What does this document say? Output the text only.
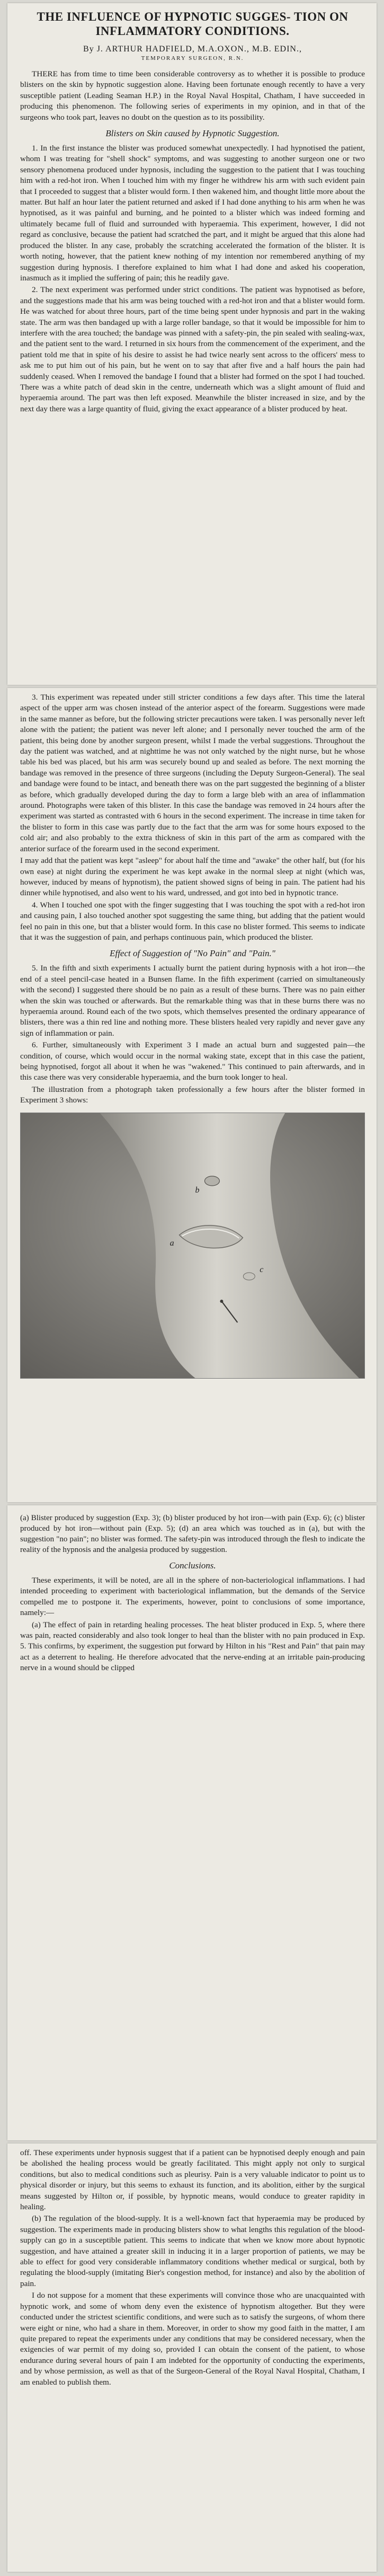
THE INFLUENCE OF HYPNOTIC SUGGES- TION ON INFLAMMATORY CONDITIONS.
By J. ARTHUR HADFIELD, M.A.OXON., M.B. EDIN.,
TEMPORARY SURGEON, R.N.

THERE has from time to time been considerable controversy as to whether it is possible to produce blisters on the skin by hypnotic suggestion alone. Having been fortunate enough recently to have a very susceptible patient (Leading Seaman H.P.) in the Royal Naval Hospital, Chatham, I have succeeded in producing this phenomenon. The following series of experiments in my opinion, and in that of the surgeons who took part, leaves no doubt on the question as to its possibility.

Blisters on Skin caused by Hypnotic Suggestion.

1. In the first instance the blister was produced somewhat unexpectedly. I had hypnotised the patient, whom I was treating for "shell shock" symptoms, and was suggesting to another surgeon one or two sensory phenomena produced under hypnosis, including the suggestion to the patient that I was touching him with a red-hot iron. When I touched him with my finger he withdrew his arm with such evident pain that I proceeded to suggest that a blister would form. I then wakened him, and thought little more about the matter. But half an hour later the patient returned and asked if I had done anything to his arm when he was hypnotised, as it was painful and burning, and he pointed to a blister which was indeed forming and ultimately became full of fluid and surrounded with hyperaemia. This experiment, however, I did not regard as conclusive, because the patient had scratched the part, and it might be argued that this alone had produced the blister. In any case, probably the scratching accelerated the formation of the blister. It is worth noting, however, that the patient knew nothing of my intention nor remembered anything of my suggestion during hypnosis. I therefore explained to him what I had done and asked his cooperation, inasmuch as it implied the suffering of pain; this he readily gave.

2. The next experiment was performed under strict conditions. The patient was hypnotised as before, and the suggestions made that his arm was being touched with a red-hot iron and that a blister would form. He was watched for about three hours, part of the time being spent under hypnosis and part in the waking state. The arm was then bandaged up with a large roller bandage, so that it would be impossible for him to interfere with the area touched; the bandage was pinned with a safety-pin, the pin sealed with sealing-wax, and the patient sent to the ward. I returned in six hours from the commencement of the experiment, and the patient told me that in spite of his desire to assist he had twice nearly sent across to the officers' mess to ask me to put him out of his pain, but he went on to say that after five and a half hours the pain had suddenly ceased. When I removed the bandage I found that a blister had formed on the spot I had touched. There was a white patch of dead skin in the centre, underneath which was a slight amount of fluid and hyperaemia around. The part was then left exposed. Meanwhile the blister increased in size, and by the next day there was a large quantity of fluid, giving the exact appearance of a blister produced by heat.

3. This experiment was repeated under still stricter conditions a few days after. This time the lateral aspect of the upper arm was chosen instead of the anterior aspect of the forearm. Suggestions were made in the same manner as before, but the following stricter precautions were taken. I was personally never left alone with the patient; the patient was never left alone; and I personally never touched the arm of the patient, this being done by another surgeon present, whilst I made the verbal suggestions. Throughout the day the patient was watched, and at nighttime he was not only watched by the night nurse, but he whose table his bed was placed, but his arm was securely bound up and sealed as before. The next morning the bandage was removed in the presence of three surgeons (including the Deputy Surgeon-General). The seal and bandage were found to be intact, and beneath there was on the part suggested the beginning of a blister as before, which gradually developed during the day to form a large bleb with an area of inflammation around. Photographs were taken of this blister. In this case the bandage was removed in 24 hours after the experiment was started as contrasted with 6 hours in the second experiment. The increase in time taken for the blister to form in this case was partly due to the fact that the arm was for some hours exposed to the cold air; and also probably to the extra thickness of skin in this part of the arm as compared with the anterior surface of the forearm used in the second experiment.

I may add that the patient was kept "asleep" for about half the time and "awake" the other half, but (for his own ease) at night during the experiment he was kept awake in the normal sleep at night (which was, however, induced by means of hypnotism), the patient showed signs of being in pain. The patient had his dinner while hypnotised, and also went to his ward, undressed, and got into bed in hypnotic trance.

4. When I touched one spot with the finger suggesting that I was touching the spot with a red-hot iron and causing pain, I also touched another spot suggesting the same thing, but adding that the patient would feel no pain in this one, but that a blister would form. In this case no blister formed. This seems to indicate that it was the suggestion of pain, and perhaps continuous pain, which produced the blister.

Effect of Suggestion of "No Pain" and "Pain."

5. In the fifth and sixth experiments I actually burnt the patient during hypnosis with a hot iron—the end of a steel pencil-case heated in a Bunsen flame. In the fifth experiment (carried on simultaneously with the second) I suggested there should be no pain as a result of these burns. There was no pain either when the skin was touched or afterwards. But the remarkable thing was that in these burns there was no hyperaemia around. Round each of the two spots, which themselves presented the ordinary appearance of blisters, there was a thin red line and nothing more. These blisters healed very rapidly and never gave any sign of inflammation or pain.

6. Further, simultaneously with Experiment 3 I made an actual burn and suggested pain—the condition, of course, which would occur in the normal waking state, except that in this case the patient, being hypnotised, forgot all about it when he was "wakened." This continued to pain afterwards, and in this case there was very considerable hyperaemia, and the burn took longer to heal.

The illustration from a photograph taken professionally a few hours after the blister formed in Experiment 3 shows:

b
a
c
(a) Blister produced by suggestion (Exp. 3); (b) blister produced by hot iron—with pain (Exp. 6); (c) blister produced by hot iron—without pain (Exp. 5); (d) an area which was touched as in (a), but with the suggestion "no pain"; no blister was formed. The safety-pin was introduced through the flesh to indicate the reality of the hypnosis and the analgesia produced by suggestion.
Conclusions.

These experiments, it will be noted, are all in the sphere of non-bacteriological inflammations. I had intended proceeding to experiment with bacteriological inflammation, but the demands of the Service compelled me to postpone it. The experiments, however, point to conclusions of some importance, namely:—

(a) The effect of pain in retarding healing processes. The heat blister produced in Exp. 5, where there was pain, reacted considerably and also took longer to heal than the blister with no pain produced in Exp. 5. This confirms, by experiment, the suggestion put forward by Hilton in his "Rest and Pain" that pain may act as a deterrent to healing. He therefore advocated that the nerve-ending at an irritable pain-producing nerve in a wound should be clipped

off. These experiments under hypnosis suggest that if a patient can be hypnotised deeply enough and pain be abolished the healing process would be greatly facilitated. This might apply not only to surgical conditions, but also to medical conditions such as pleurisy. Pain is a very valuable indicator to point us to physical disorder or injury, but this seems to exhaust its function, and its abolition, either by the surgical means suggested by Hilton or, if possible, by hypnotic means, would conduce to greater rapidity in healing.

(b) The regulation of the blood-supply. It is a well-known fact that hyperaemia may be produced by suggestion. The experiments made in producing blisters show to what lengths this regulation of the blood-supply can go in a susceptible patient. This seems to indicate that when we know more about hypnotic suggestion, and have attained a greater skill in inducing it in a larger proportion of patients, we may be able to effect for good very considerable inflammatory conditions whether medical or surgical, both by regulating the blood-supply (imitating Bier's congestion method, for instance) and also by the abolition of pain.

I do not suppose for a moment that these experiments will convince those who are unacquainted with hypnotic work, and some of whom deny even the existence of hypnotism altogether. But they were conducted under the strictest scientific conditions, and were such as to satisfy the surgeons, of whom there were eight or nine, who had a share in them. Moreover, in order to show my good faith in the matter, I am quite prepared to repeat the experiments under any conditions that may be considered necessary, when the exigencies of war permit of my doing so, provided I can obtain the consent of the patient, to whose endurance during several hours of pain I am indebted for the opportunity of conducting the experiments, and by whose permission, as well as that of the Surgeon-General of the Royal Naval Hospital, Chatham, I am enabled to publish them.
